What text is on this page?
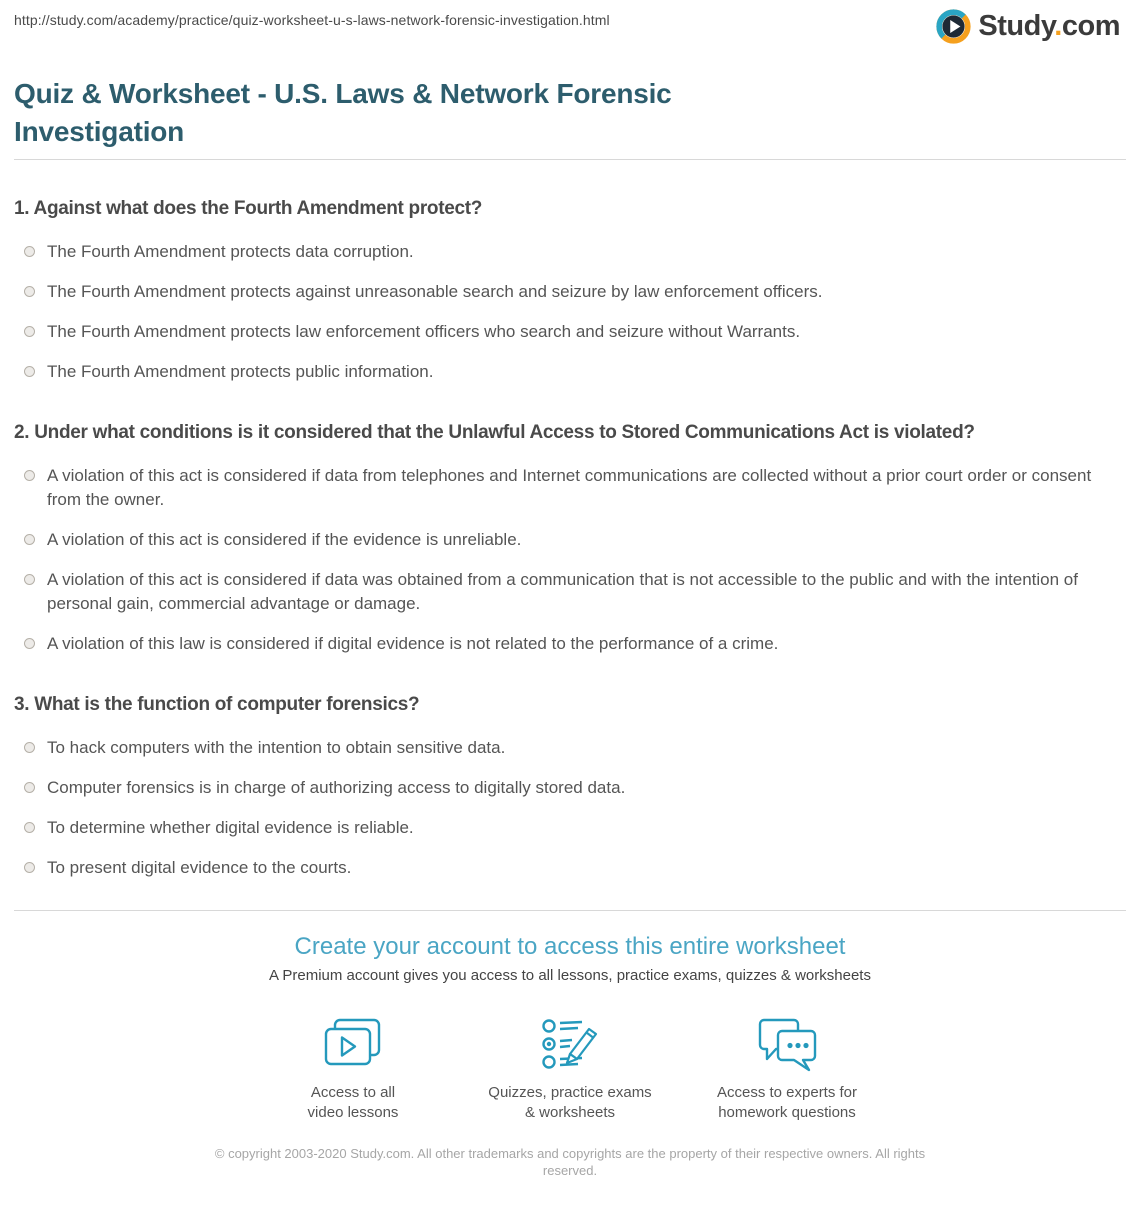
http://study.com/academy/practice/quiz-worksheet-u-s-laws-network-forensic-investigation.html	Study.com
Quiz & Worksheet - U.S. Laws & Network Forensic Investigation

1. Against what does the Fourth Amendment protect?

The Fourth Amendment protects data corruption.
The Fourth Amendment protects against unreasonable search and seizure by law enforcement officers.
The Fourth Amendment protects law enforcement officers who search and seizure without Warrants.
The Fourth Amendment protects public information.

2. Under what conditions is it considered that the Unlawful Access to Stored Communications Act is violated?

A violation of this act is considered if data from telephones and Internet communications are collected without a prior court order or consent from the owner.
A violation of this act is considered if the evidence is unreliable.
A violation of this act is considered if data was obtained from a communication that is not accessible to the public and with the intention of personal gain, commercial advantage or damage.
A violation of this law is considered if digital evidence is not related to the performance of a crime.

3. What is the function of computer forensics?

To hack computers with the intention to obtain sensitive data.
Computer forensics is in charge of authorizing access to digitally stored data.
To determine whether digital evidence is reliable.
To present digital evidence to the courts.
Create your account to access this entire worksheet

A Premium account gives you access to all lessons, practice exams, quizzes & worksheets

Access to all
video lessons
Quizzes, practice exams
& worksheets
Access to experts for
homework questions
© copyright 2003-2020 Study.com. All other trademarks and copyrights are the property of their respective owners. All rights reserved.
